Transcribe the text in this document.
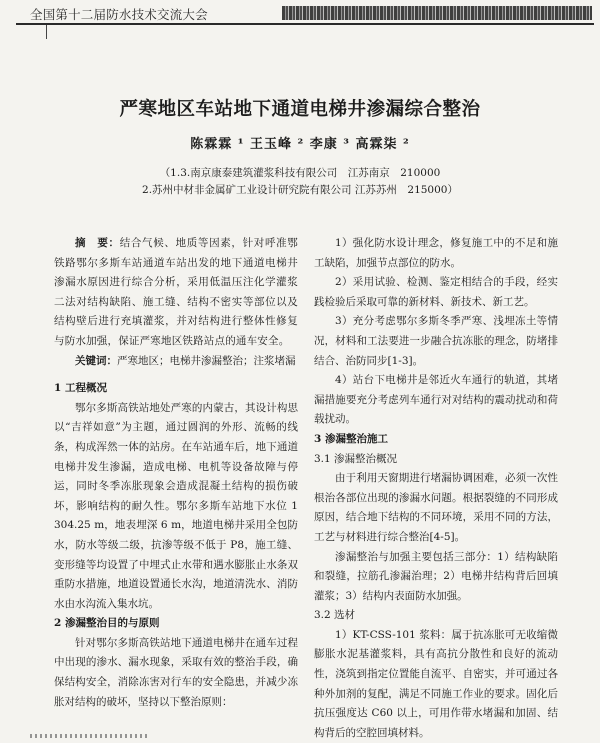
全国第十二届防水技术交流大会
严寒地区车站地下通道电梯井渗漏综合整治
陈霖霖 ¹ 王玉峰 ² 李康 ³ 高霖柒 ²
（1.3.南京康泰建筑灌浆科技有限公司　江苏南京　210000
2.苏州中材非金属矿工业设计研究院有限公司 江苏苏州　215000）

摘　要：结合气候、地质等因素，针对呼准鄂铁路鄂尔多斯车站通道车站出发的地下通道电梯井渗漏水原因进行综合分析，采用低温压注化学灌浆二法对结构缺陷、施工缝、结构不密实等部位以及结构壁后进行充填灌浆，并对结构进行整体性修复与防水加强，保证严寒地区铁路站点的通车安全。

关键词：严寒地区；电梯井渗漏整治；注浆堵漏

1 工程概况

鄂尔多斯高铁站地处严寒的内蒙古，其设计构思以“吉祥如意”为主题，通过圆润的外形、流畅的线条，构成浑然一体的站房。在车站通车后，地下通道电梯井发生渗漏，造成电梯、电机等设备故障与停运，同时冬季冻胀现象会造成混凝土结构的损伤破坏，影响结构的耐久性。鄂尔多斯车站地下水位 1 304.25 m，地表埋深 6 m，地道电梯井采用全包防水，防水等级二级，抗渗等级不低于 P8，施工缝、变形缝等均设置了中埋式止水带和遇水膨胀止水条双重防水措施，地道设置通长水沟，地道清洗水、消防水由水沟流入集水坑。

2 渗漏整治目的与原则

针对鄂尔多斯高铁站地下通道电梯井在通车过程中出现的渗水、漏水现象，采取有效的整治手段，确保结构安全，消除冻害对行车的安全隐患，并减少冻胀对结构的破坏，坚持以下整治原则：

1）强化防水设计理念，修复施工中的不足和施工缺陷，加强节点部位的防水。

2）采用试验、检测、鉴定相结合的手段，经实践检验后采取可靠的新材料、新技术、新工艺。

3）充分考虑鄂尔多斯冬季严寒、浅埋冻土等情况，材料和工法要进一步融合抗冻胀的理念，防堵排结合、治防同步[1-3]。

4）站台下电梯井是邻近火车通行的轨道，其堵漏措施要充分考虑列车通行对对结构的震动扰动和荷载扰动。

3 渗漏整治施工

3.1 渗漏整治概况

由于利用天窗期进行堵漏协调困难，必须一次性根治各部位出现的渗漏水问题。根据裂缝的不同形成原因，结合地下结构的不同环境，采用不同的方法，工艺与材料进行综合整治[4-5]。

渗漏整治与加强主要包括三部分：1）结构缺陷和裂缝，拉筋孔渗漏治理；2）电梯井结构背后回填灌浆；3）结构内表面防水加强。

3.2 选材

1）KT-CSS-101 浆料：属于抗冻胀可无收缩微膨胀水泥基灌浆料，具有高抗分散性和良好的流动性，浇筑到指定位置能自流平、自密实，并可通过各种外加剂的复配，满足不同施工作业的要求。固化后抗压强度达 C60 以上，可用作带水堵漏和加固、结构背后的空腔回填材料。
